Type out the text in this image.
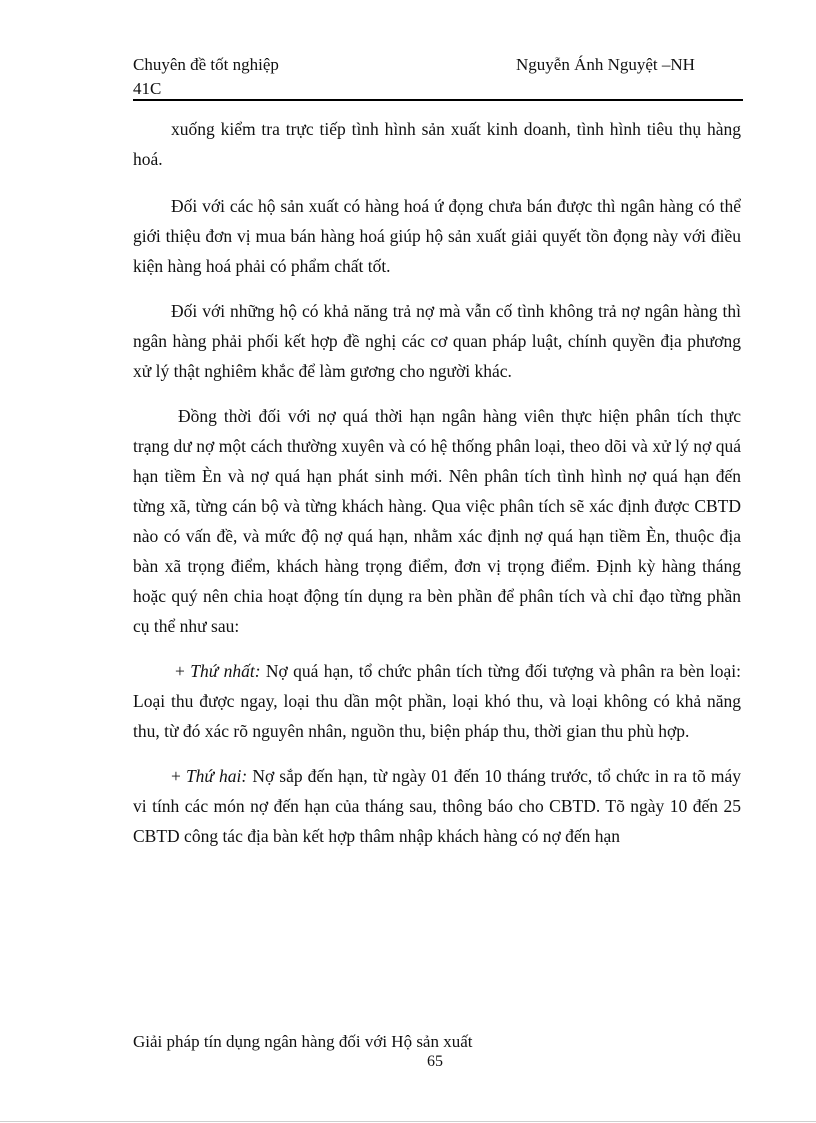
Chuyên đề tốt nghiệp
41C
Nguyễn Ánh Nguyệt –NH

xuống kiểm tra trực tiếp tình hình sản xuất kinh doanh, tình hình tiêu thụ hàng hoá.

Đối với các hộ sản xuất có hàng hoá ứ đọng chưa bán được thì ngân hàng có thể giới thiệu đơn vị mua bán hàng hoá giúp hộ sản xuất giải quyết tồn đọng này với điều kiện hàng hoá phải có phẩm chất tốt.

Đối với những hộ có khả năng trả nợ mà vẫn cố tình không trả nợ ngân hàng thì ngân hàng phải phối kết hợp đề nghị các cơ quan pháp luật, chính quyền địa phương xử lý thật nghiêm khắc để làm gương cho người khác.

Đồng thời đối với nợ quá thời hạn ngân hàng viên thực hiện phân tích thực trạng dư nợ một cách thường xuyên và có hệ thống phân loại, theo dõi và xử lý nợ quá hạn tiềm Èn và nợ quá hạn phát sinh mới. Nên phân tích tình hình nợ quá hạn đến từng xã, từng cán bộ và từng khách hàng. Qua việc phân tích sẽ xác định được CBTD nào có vấn đề, và mức độ nợ quá hạn, nhằm xác định nợ quá hạn tiềm Èn, thuộc địa bàn xã trọng điểm, khách hàng trọng điểm, đơn vị trọng điểm. Định kỳ hàng tháng hoặc quý nên chia hoạt động tín dụng ra bèn phần để phân tích và chỉ đạo từng phần cụ thể như sau:

+ Thứ nhất: Nợ quá hạn, tổ chức phân tích từng đối tượng và phân ra bèn loại: Loại thu được ngay, loại thu dần một phần, loại khó thu, và loại không có khả năng thu, từ đó xác rõ nguyên nhân, nguồn thu, biện pháp thu, thời gian thu phù hợp.

+ Thứ hai: Nợ sắp đến hạn, từ ngày 01 đến 10 tháng trước, tổ chức in ra tõ máy vi tính các món nợ đến hạn của tháng sau, thông báo cho CBTD. Tõ ngày 10 đến 25 CBTD công tác địa bàn kết hợp thâm nhập khách hàng có nợ đến hạn

Giải pháp tín dụng ngân hàng đối với Hộ sản xuất
65
